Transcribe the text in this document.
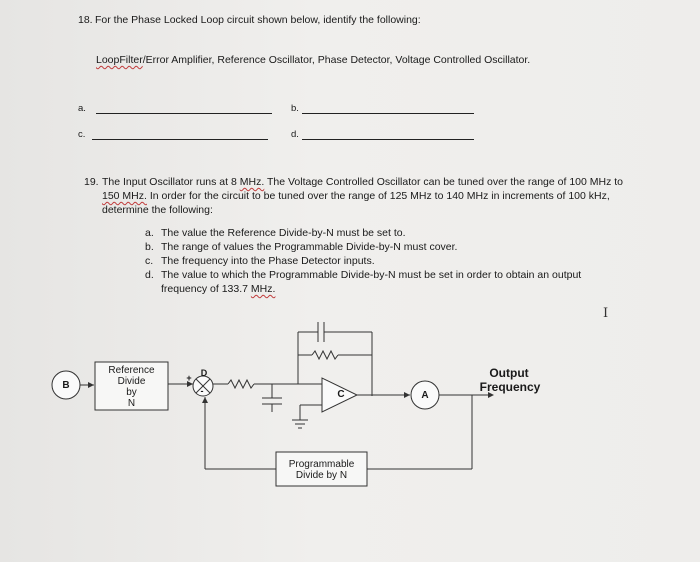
18. For the Phase Locked Loop circuit shown below, identify the following:
LoopFilter/Error Amplifier, Reference Oscillator, Phase Detector, Voltage Controlled Oscillator.
a.	b.
c.	d.
19. The Input Oscillator runs at 8 MHz. The Voltage Controlled Oscillator can be tuned over the range of 100 MHz to
150 MHz. In order for the circuit to be tuned over the range of 125 MHz to 140 MHz in increments of 100 kHz,
determine the following:
a. The value the Reference Divide-by-N must be set to.
b. The range of values the Programmable Divide-by-N must cover.
c. The frequency into the Phase Detector inputs.
d. The value to which the Programmable Divide-by-N must be set in order to obtain an output
frequency of 133.7 MHz.
I
B
Reference
Divide
by
N
D
+
-	C	A
Output
Frequency
Programmable
Divide by N
